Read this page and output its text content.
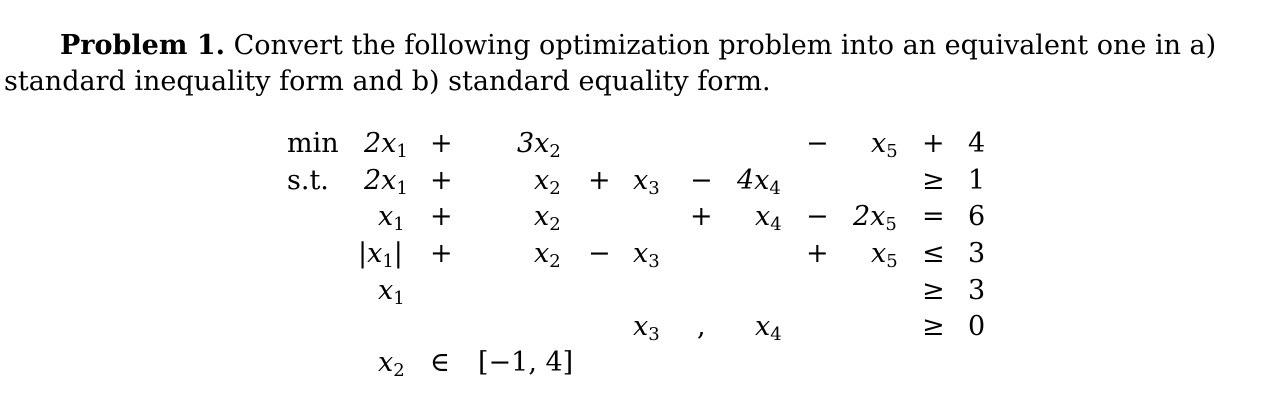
Problem 1. Convert the following optimization problem into an equivalent one in a) standard inequality form and b) standard equality form.
$\min 2x_1 + 3x_2$	− $x_5 + 4$
s.t. $2x_1$ +	$x_2 + x_3 - 4x_4$	≥ 1
$x_1$ +	$x_2$	+ $x_4 - 2x_5 = 6$
$|x_1|$ +	$x_2 - x_3$	+ $x_5 \le 3$
$x_1$	≥ 3
$x_3$ , $x_4$	≥ 0
$x_2$ ∈ [−1, 4]
